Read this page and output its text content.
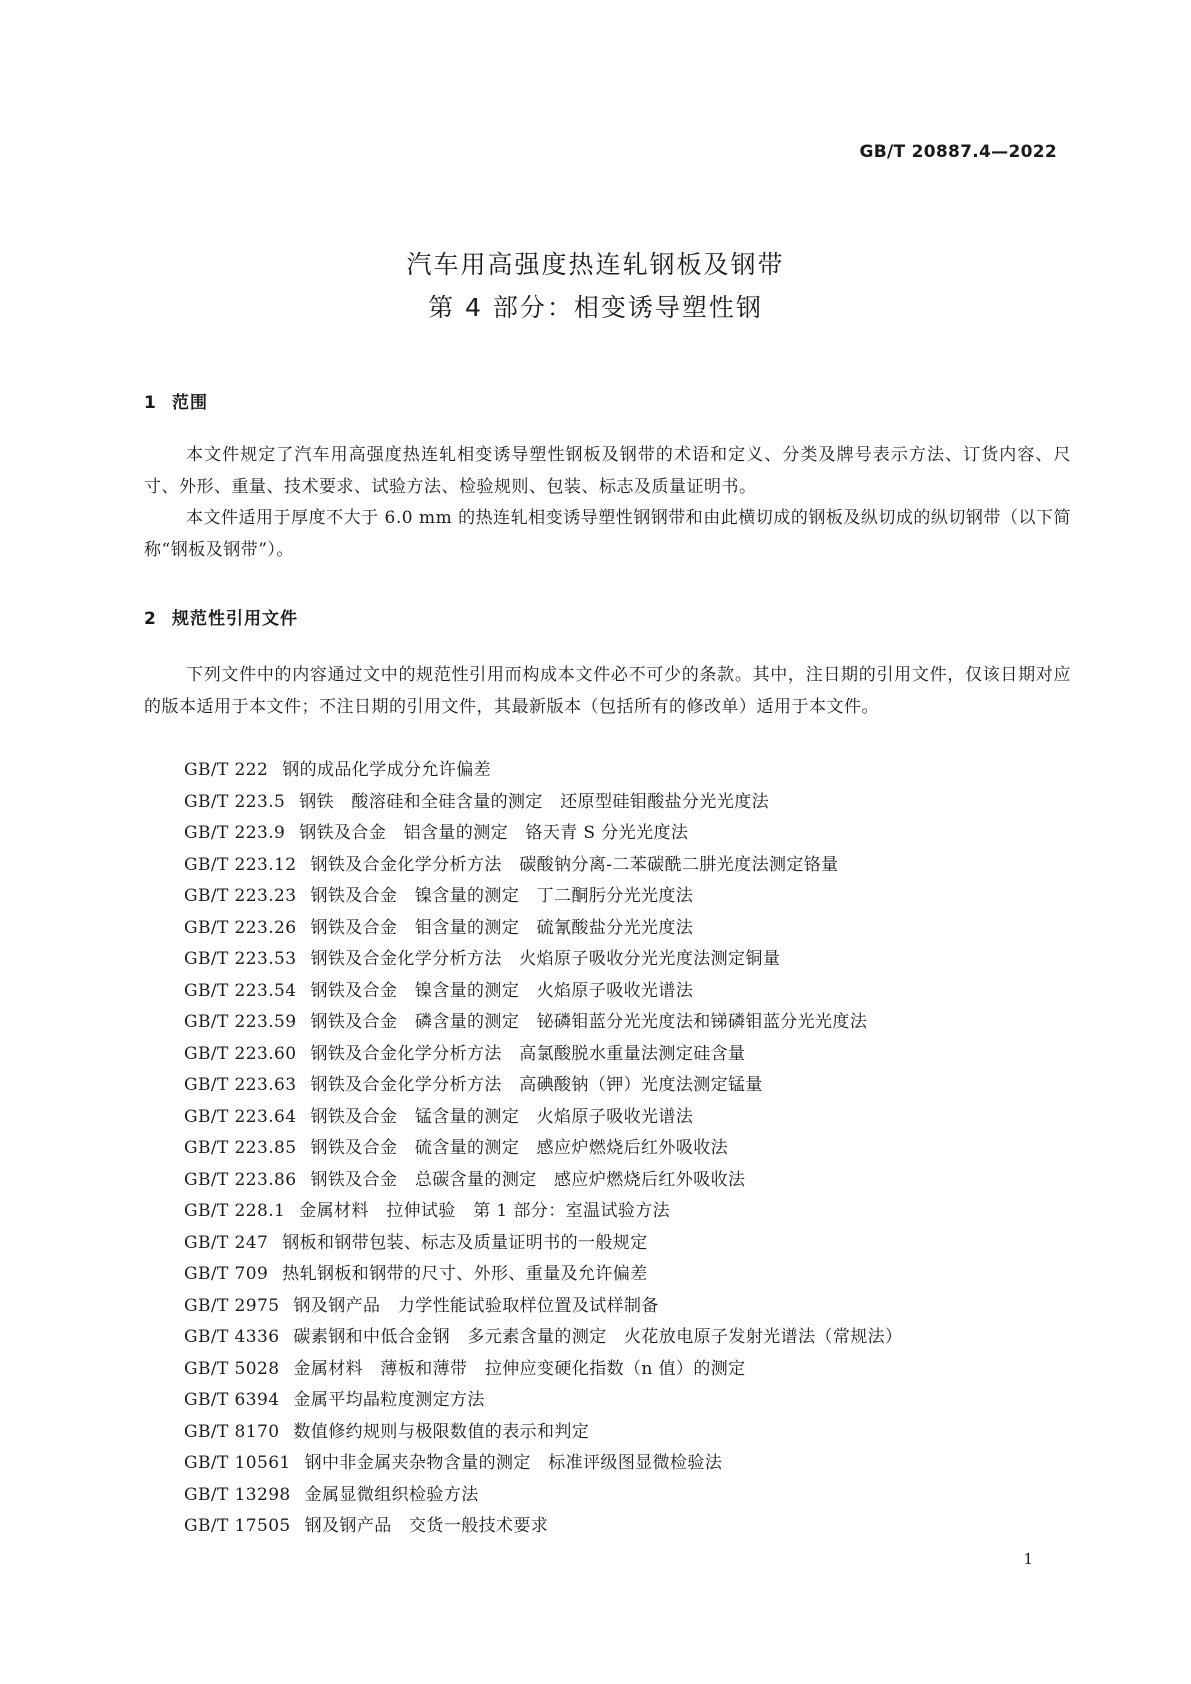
GB/T 20887.4—2022
汽车用高强度热连轧钢板及钢带
第 4 部分：相变诱导塑性钢
1 范围
本文件规定了汽车用高强度热连轧相变诱导塑性钢板及钢带的术语和定义、分类及牌号表示方法、订货内容、尺寸、外形、重量、技术要求、试验方法、检验规则、包装、标志及质量证明书。
本文件适用于厚度不大于 6.0 mm 的热连轧相变诱导塑性钢钢带和由此横切成的钢板及纵切成的纵切钢带（以下简称“钢板及钢带”）。
2 规范性引用文件
下列文件中的内容通过文中的规范性引用而构成本文件必不可少的条款。其中，注日期的引用文件，仅该日期对应的版本适用于本文件；不注日期的引用文件，其最新版本（包括所有的修改单）适用于本文件。
GB/T 222 钢的成品化学成分允许偏差
GB/T 223.5 钢铁　酸溶硅和全硅含量的测定　还原型硅钼酸盐分光光度法
GB/T 223.9 钢铁及合金　铝含量的测定　铬天青 S 分光光度法
GB/T 223.12 钢铁及合金化学分析方法　碳酸钠分离-二苯碳酰二肼光度法测定铬量
GB/T 223.23 钢铁及合金　镍含量的测定　丁二酮肟分光光度法
GB/T 223.26 钢铁及合金　钼含量的测定　硫氰酸盐分光光度法
GB/T 223.53 钢铁及合金化学分析方法　火焰原子吸收分光光度法测定铜量
GB/T 223.54 钢铁及合金　镍含量的测定　火焰原子吸收光谱法
GB/T 223.59 钢铁及合金　磷含量的测定　铋磷钼蓝分光光度法和锑磷钼蓝分光光度法
GB/T 223.60 钢铁及合金化学分析方法　高氯酸脱水重量法测定硅含量
GB/T 223.63 钢铁及合金化学分析方法　高碘酸钠（钾）光度法测定锰量
GB/T 223.64 钢铁及合金　锰含量的测定　火焰原子吸收光谱法
GB/T 223.85 钢铁及合金　硫含量的测定　感应炉燃烧后红外吸收法
GB/T 223.86 钢铁及合金　总碳含量的测定　感应炉燃烧后红外吸收法
GB/T 228.1 金属材料　拉伸试验　第 1 部分：室温试验方法
GB/T 247 钢板和钢带包装、标志及质量证明书的一般规定
GB/T 709 热轧钢板和钢带的尺寸、外形、重量及允许偏差
GB/T 2975 钢及钢产品　力学性能试验取样位置及试样制备
GB/T 4336 碳素钢和中低合金钢　多元素含量的测定　火花放电原子发射光谱法（常规法）
GB/T 5028 金属材料　薄板和薄带　拉伸应变硬化指数（n 值）的测定
GB/T 6394 金属平均晶粒度测定方法
GB/T 8170 数值修约规则与极限数值的表示和判定
GB/T 10561 钢中非金属夹杂物含量的测定　标准评级图显微检验法
GB/T 13298 金属显微组织检验方法
GB/T 17505 钢及钢产品　交货一般技术要求
1
